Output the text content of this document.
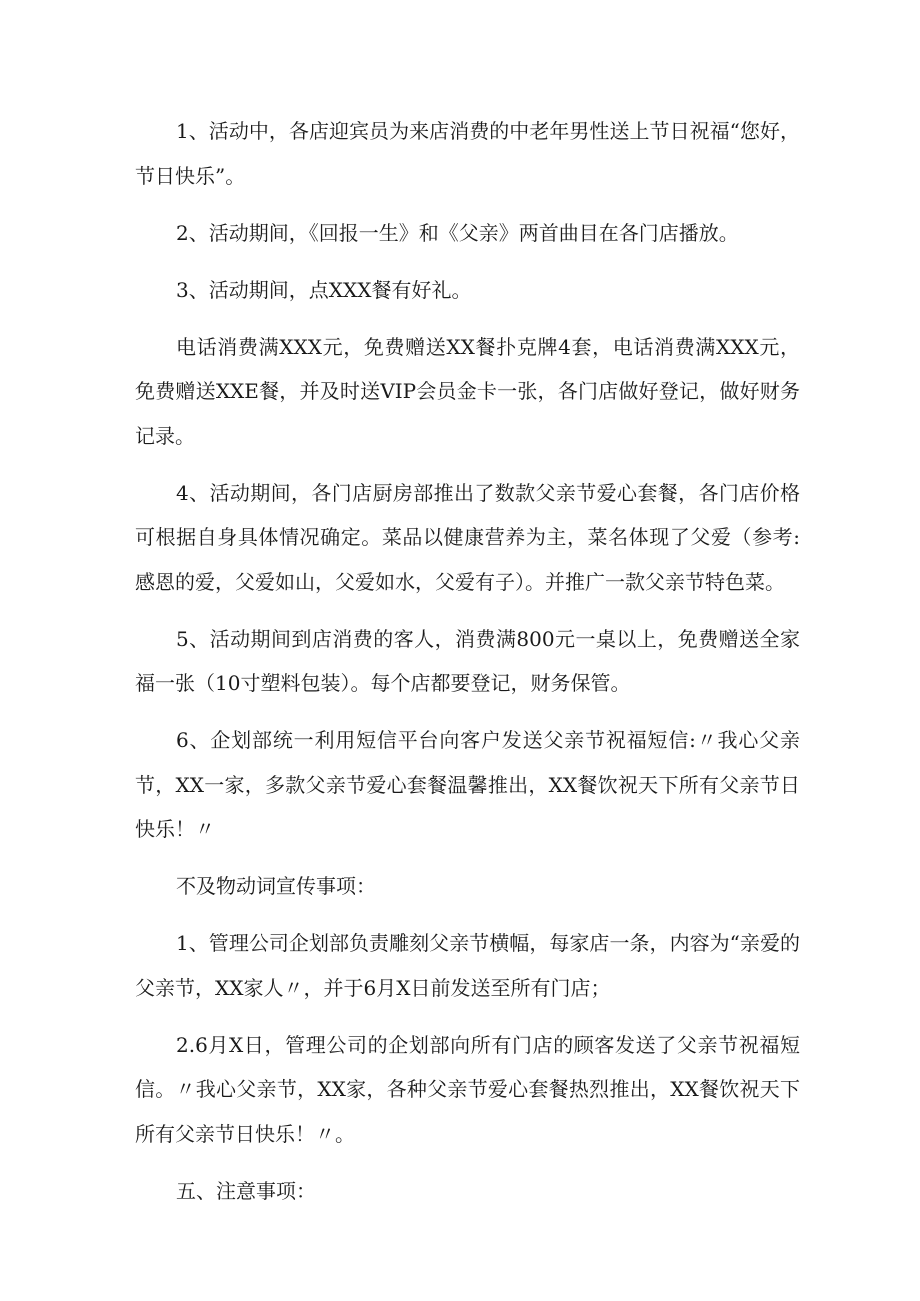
1、活动中，各店迎宾员为来店消费的中老年男性送上节日祝福“您好，节日快乐”。

2、活动期间，《回报一生》和《父亲》两首曲目在各门店播放。

3、活动期间，点XXX餐有好礼。

电话消费满XXX元，免费赠送XX餐扑克牌4套，电话消费满XXX元，免费赠送XXE餐，并及时送VIP会员金卡一张，各门店做好登记，做好财务记录。

4、活动期间，各门店厨房部推出了数款父亲节爱心套餐，各门店价格可根据自身具体情况确定。菜品以健康营养为主，菜名体现了父爱（参考:感恩的爱，父爱如山，父爱如水，父爱有子）。并推广一款父亲节特色菜。

5、活动期间到店消费的客人，消费满800元一桌以上，免费赠送全家福一张（10寸塑料包装）。每个店都要登记，财务保管。

6、企划部统一利用短信平台向客户发送父亲节祝福短信:〃我心父亲节，XX一家，多款父亲节爱心套餐温馨推出，XX餐饮祝天下所有父亲节日快乐！〃

不及物动词宣传事项：

1、管理公司企划部负责雕刻父亲节横幅，每家店一条，内容为“亲爱的父亲节，XX家人〃，并于6月X日前发送至所有门店；

2.6月X日，管理公司的企划部向所有门店的顾客发送了父亲节祝福短信。〃我心父亲节，XX家，各种父亲节爱心套餐热烈推出，XX餐饮祝天下所有父亲节日快乐！〃。

五、注意事项：
